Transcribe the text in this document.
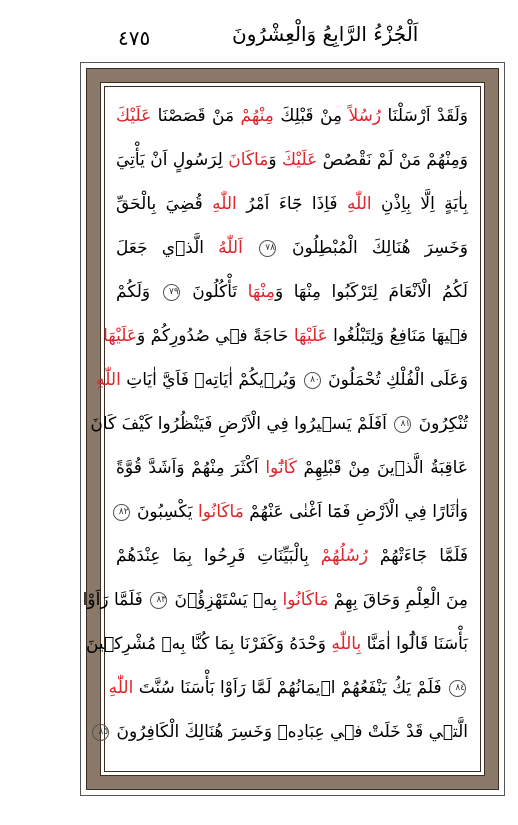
٤٧٥	اَلْجُزْءُ الرَّابِعُ وَالْعِشْرُونَ
وَلَقَدْ اَرْسَلْنَا رُسُلاً مِنْ قَبْلِكَ مِنْهُمْ مَنْ قَصَصْنَا عَلَيْكَ
وَمِنْهُمْ مَنْ لَمْ نَقْصُصْ عَلَيْكَ وَمَاكَانَ لِرَسُولٍ اَنْ يَأْتِيَ
بِاٰيَةٍ اِلَّا بِاِذْنِ اللّٰهِ فَاِذَا جَٓاءَ اَمْرُ اللّٰهِ قُضِيَ بِالْحَقِّ
وَخَسِرَ هُنَالِكَ الْمُبْطِلُونَ ٧٨ اَللّٰهُ الَّذ۪ي جَعَلَ
لَكُمُ الْاَنْعَامَ لِتَرْكَبُوا مِنْهَا وَمِنْهَا تَأْكُلُونَ ٧٩ وَلَكُمْ
ف۪يهَا مَنَافِعُ وَلِتَبْلُغُوا عَلَيْهَا حَاجَةً ف۪ي صُدُورِكُمْ وَعَلَيْهَا
وَعَلَى الْفُلْكِ تُحْمَلُونَ ٨٠ وَيُر۪يكُمْ اٰيَاتِه۪ فَاَيَّ اٰيَاتِ اللّٰهِ
تُنْكِرُونَ ٨١ اَفَلَمْ يَس۪يرُوا فِي الْاَرْضِ فَيَنْظُرُوا كَيْفَ كَانَ
عَاقِبَةُ الَّذ۪ينَ مِنْ قَبْلِهِمْ كَانُٓوا اَكْثَرَ مِنْهُمْ وَاَشَدَّ قُوَّةً
وَاٰثَارًا فِي الْاَرْضِ فَمَٓا اَغْنٰى عَنْهُمْ مَاكَانُوا يَكْسِبُونَ ٨٢
فَلَمَّا جَٓاءَتْهُمْ رُسُلُهُمْ بِالْبَيِّنَاتِ فَرِحُوا بِمَا عِنْدَهُمْ
مِنَ الْعِلْمِ وَحَاقَ بِهِمْ مَاكَانُوا بِه۪ يَسْتَهْزِؤُ۫نَ ٨٣ فَلَمَّا رَاَوْا
بَأْسَنَا قَالُٓوا اٰمَنَّا بِاللّٰهِ وَحْدَهُ وَكَفَرْنَا بِمَا كُنَّا بِه۪ مُشْرِك۪ينَ
٨٤ فَلَمْ يَكُ يَنْفَعُهُمْ ا۪يمَانُهُمْ لَمَّا رَاَوْا بَأْسَنَا سُنَّتَ اللّٰهِ
الَّت۪ي قَدْ خَلَتْ ف۪ي عِبَادِه۪ وَخَسِرَ هُنَالِكَ الْكَافِرُونَ ٨٥
